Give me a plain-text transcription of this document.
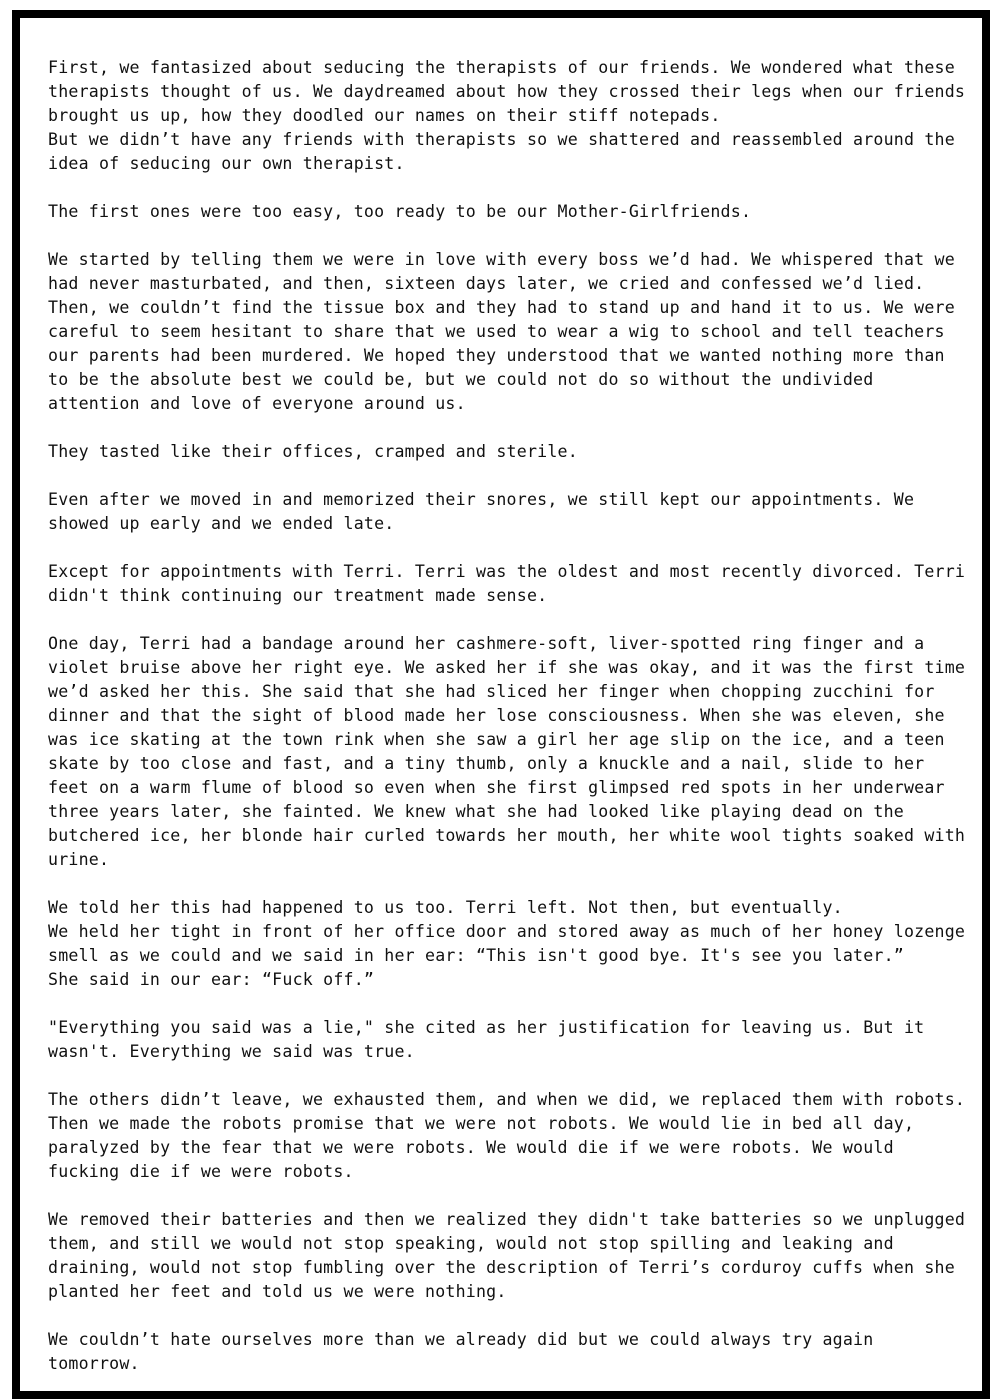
First, we fantasized about seducing the therapists of our friends. We wondered what these
therapists thought of us. We daydreamed about how they crossed their legs when our friends
brought us up, how they doodled our names on their stiff notepads.
But we didn’t have any friends with therapists so we shattered and reassembled around the
idea of seducing our own therapist.
The first ones were too easy, too ready to be our Mother-Girlfriends.
We started by telling them we were in love with every boss we’d had. We whispered that we
had never masturbated, and then, sixteen days later, we cried and confessed we’d lied.
Then, we couldn’t find the tissue box and they had to stand up and hand it to us. We were
careful to seem hesitant to share that we used to wear a wig to school and tell teachers
our parents had been murdered. We hoped they understood that we wanted nothing more than
to be the absolute best we could be, but we could not do so without the undivided
attention and love of everyone around us.
They tasted like their offices, cramped and sterile.
Even after we moved in and memorized their snores, we still kept our appointments. We
showed up early and we ended late.
Except for appointments with Terri. Terri was the oldest and most recently divorced. Terri
didn't think continuing our treatment made sense.
One day, Terri had a bandage around her cashmere-soft, liver-spotted ring finger and a
violet bruise above her right eye. We asked her if she was okay, and it was the first time
we’d asked her this. She said that she had sliced her finger when chopping zucchini for
dinner and that the sight of blood made her lose consciousness. When she was eleven, she
was ice skating at the town rink when she saw a girl her age slip on the ice, and a teen
skate by too close and fast, and a tiny thumb, only a knuckle and a nail, slide to her
feet on a warm flume of blood so even when she first glimpsed red spots in her underwear
three years later, she fainted. We knew what she had looked like playing dead on the
butchered ice, her blonde hair curled towards her mouth, her white wool tights soaked with
urine.
We told her this had happened to us too. Terri left. Not then, but eventually.
We held her tight in front of her office door and stored away as much of her honey lozenge
smell as we could and we said in her ear: “This isn't good bye. It's see you later.”
She said in our ear: “Fuck off.”
"Everything you said was a lie," she cited as her justification for leaving us. But it
wasn't. Everything we said was true.
The others didn’t leave, we exhausted them, and when we did, we replaced them with robots.
Then we made the robots promise that we were not robots. We would lie in bed all day,
paralyzed by the fear that we were robots. We would die if we were robots. We would
fucking die if we were robots.
We removed their batteries and then we realized they didn't take batteries so we unplugged
them, and still we would not stop speaking, would not stop spilling and leaking and
draining, would not stop fumbling over the description of Terri’s corduroy cuffs when she
planted her feet and told us we were nothing.
We couldn’t hate ourselves more than we already did but we could always try again
tomorrow.
